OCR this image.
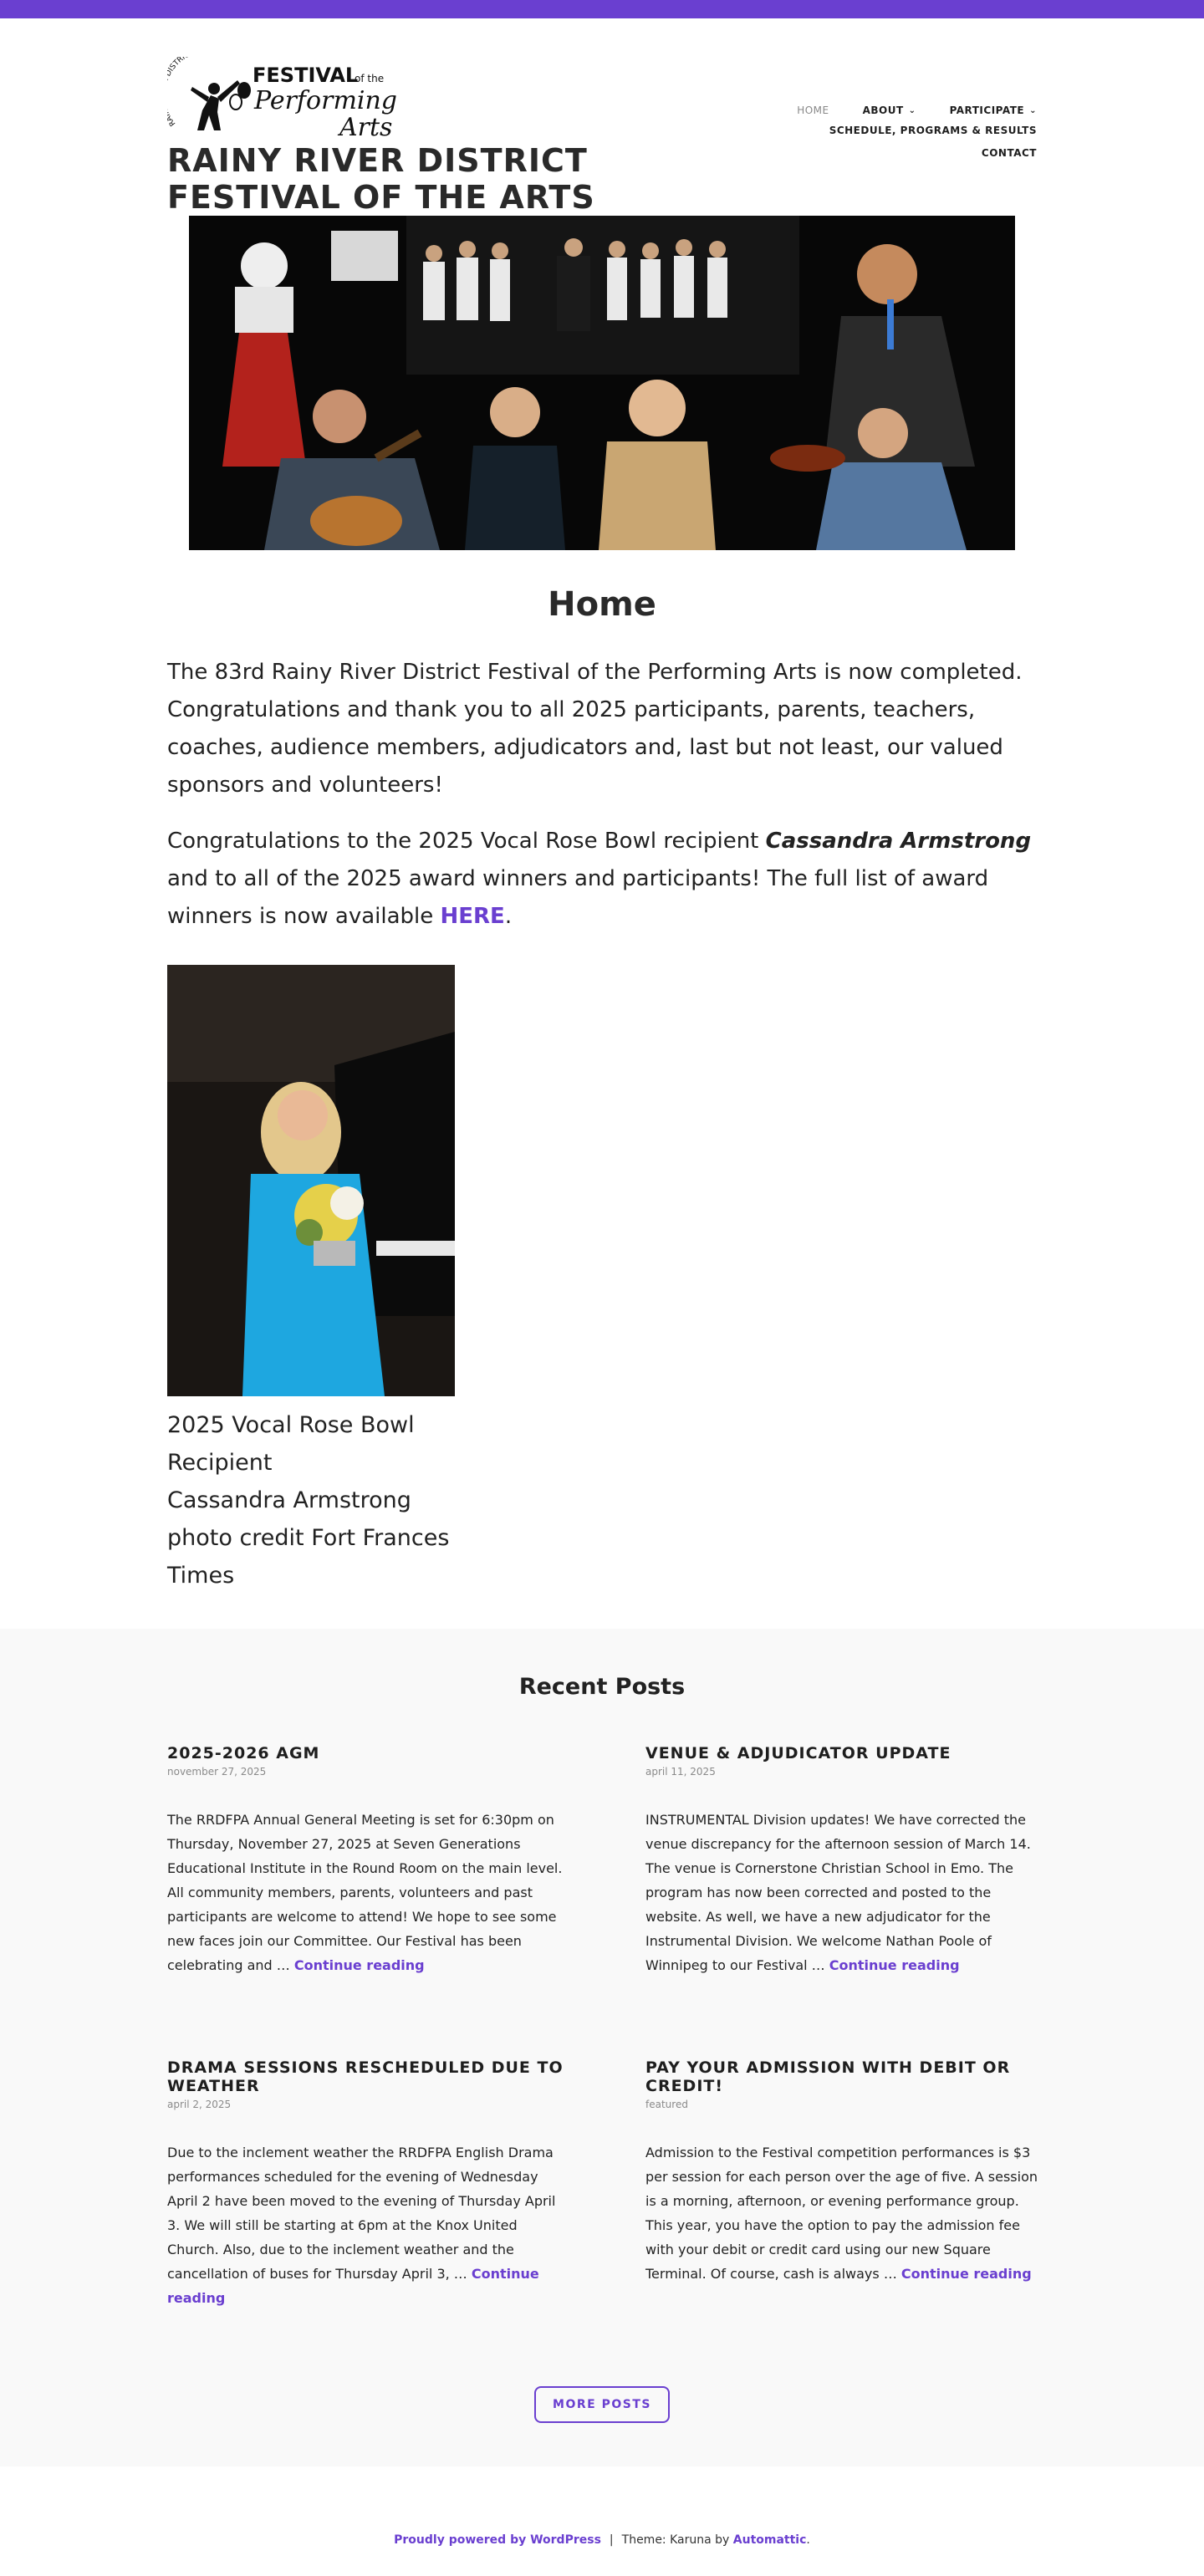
R ISTRI
FESTIVAL
of the
Performing
Arts
RAINY RIVER DISTRICT FESTIVAL OF THE ARTS
HOME	ABOUT ⌄	PARTICIPATE ⌄
SCHEDULE, PROGRAMS & RESULTS
CONTACT
Home

The 83rd Rainy River District Festival of the Performing Arts is now completed. Congratulations and thank you to all 2025 participants, parents, teachers, coaches, audience members, adjudicators and, last but not least, our valued sponsors and volunteers!

Congratulations to the 2025 Vocal Rose Bowl recipient Cassandra Armstrong and to all of the 2025 award winners and participants! The full list of award winners is now available HERE.

2025 Vocal Rose Bowl Recipient
Cassandra Armstrong
photo credit Fort Frances Times
Recent Posts
2025-2026 AGM
november 27, 2025

The RRDFPA Annual General Meeting is set for 6:30pm on Thursday, November 27, 2025 at Seven Generations Educational Institute in the Round Room on the main level. All community members, parents, volunteers and past participants are welcome to attend! We hope to see some new faces join our Committee. Our Festival has been celebrating and … Continue reading

VENUE & ADJUDICATOR UPDATE
april 11, 2025

INSTRUMENTAL Division updates! We have corrected the venue discrepancy for the afternoon session of March 14. The venue is Cornerstone Christian School in Emo. The program has now been corrected and posted to the website. As well, we have a new adjudicator for the Instrumental Division. We welcome Nathan Poole of Winnipeg to our Festival … Continue reading

DRAMA SESSIONS RESCHEDULED DUE TO WEATHER
april 2, 2025

Due to the inclement weather the RRDFPA English Drama performances scheduled for the evening of Wednesday April 2 have been moved to the evening of Thursday April 3. We will still be starting at 6pm at the Knox United Church. Also, due to the inclement weather and the cancellation of buses for Thursday April 3, … Continue reading

PAY YOUR ADMISSION WITH DEBIT OR CREDIT!
featured

Admission to the Festival competition performances is $3 per session for each person over the age of five. A session is a morning, afternoon, or evening performance group. This year, you have the option to pay the admission fee with your debit or credit card using our new Square Terminal. Of course, cash is always … Continue reading

MORE POSTS
Proudly powered by WordPress | Theme: Karuna by Automattic.
